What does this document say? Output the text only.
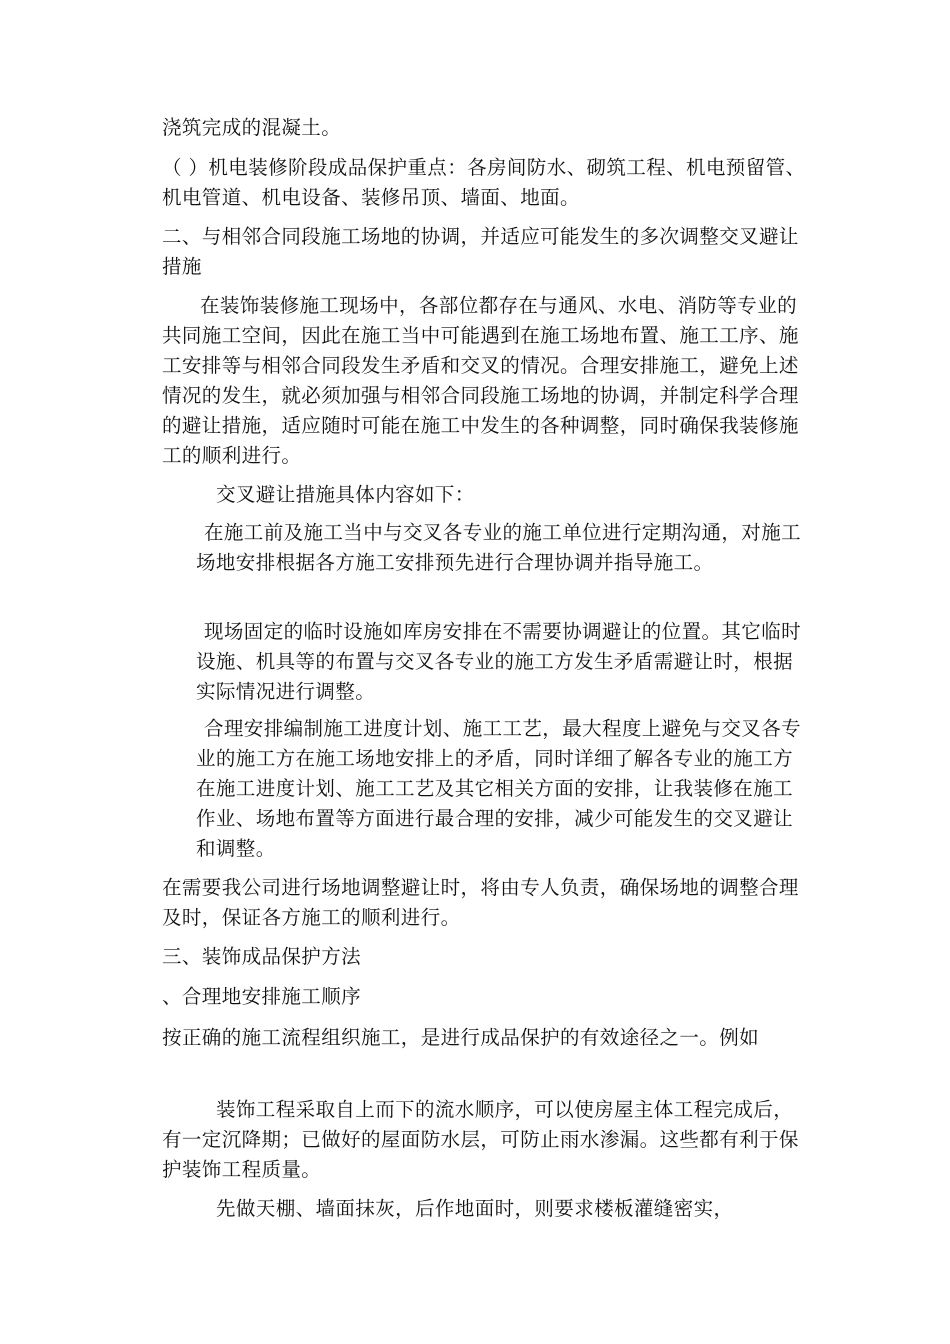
浇筑完成的混凝土。

（ ）机电装修阶段成品保护重点：各房间防水、砌筑工程、机电预留管、机电管道、机电设备、装修吊顶、墙面、地面。

二、与相邻合同段施工场地的协调，并适应可能发生的多次调整交叉避让措施

在装饰装修施工现场中，各部位都存在与通风、水电、消防等专业的共同施工空间，因此在施工当中可能遇到在施工场地布置、施工工序、施工安排等与相邻合同段发生矛盾和交叉的情况。合理安排施工，避免上述情况的发生，就必须加强与相邻合同段施工场地的协调，并制定科学合理的避让措施，适应随时可能在施工中发生的各种调整，同时确保我装修施工的顺利进行。

交叉避让措施具体内容如下：

在施工前及施工当中与交叉各专业的施工单位进行定期沟通，对施工场地安排根据各方施工安排预先进行合理协调并指导施工。

现场固定的临时设施如库房安排在不需要协调避让的位置。其它临时设施、机具等的布置与交叉各专业的施工方发生矛盾需避让时，根据实际情况进行调整。

合理安排编制施工进度计划、施工工艺，最大程度上避免与交叉各专业的施工方在施工场地安排上的矛盾，同时详细了解各专业的施工方在施工进度计划、施工工艺及其它相关方面的安排，让我装修在施工作业、场地布置等方面进行最合理的安排，减少可能发生的交叉避让和调整。

在需要我公司进行场地调整避让时，将由专人负责，确保场地的调整合理及时，保证各方施工的顺利进行。

三、装饰成品保护方法

、合理地安排施工顺序

按正确的施工流程组织施工，是进行成品保护的有效途径之一。例如

装饰工程采取自上而下的流水顺序，可以使房屋主体工程完成后，有一定沉降期；已做好的屋面防水层，可防止雨水渗漏。这些都有利于保护装饰工程质量。

先做天棚、墙面抹灰，后作地面时，则要求楼板灌缝密实，
